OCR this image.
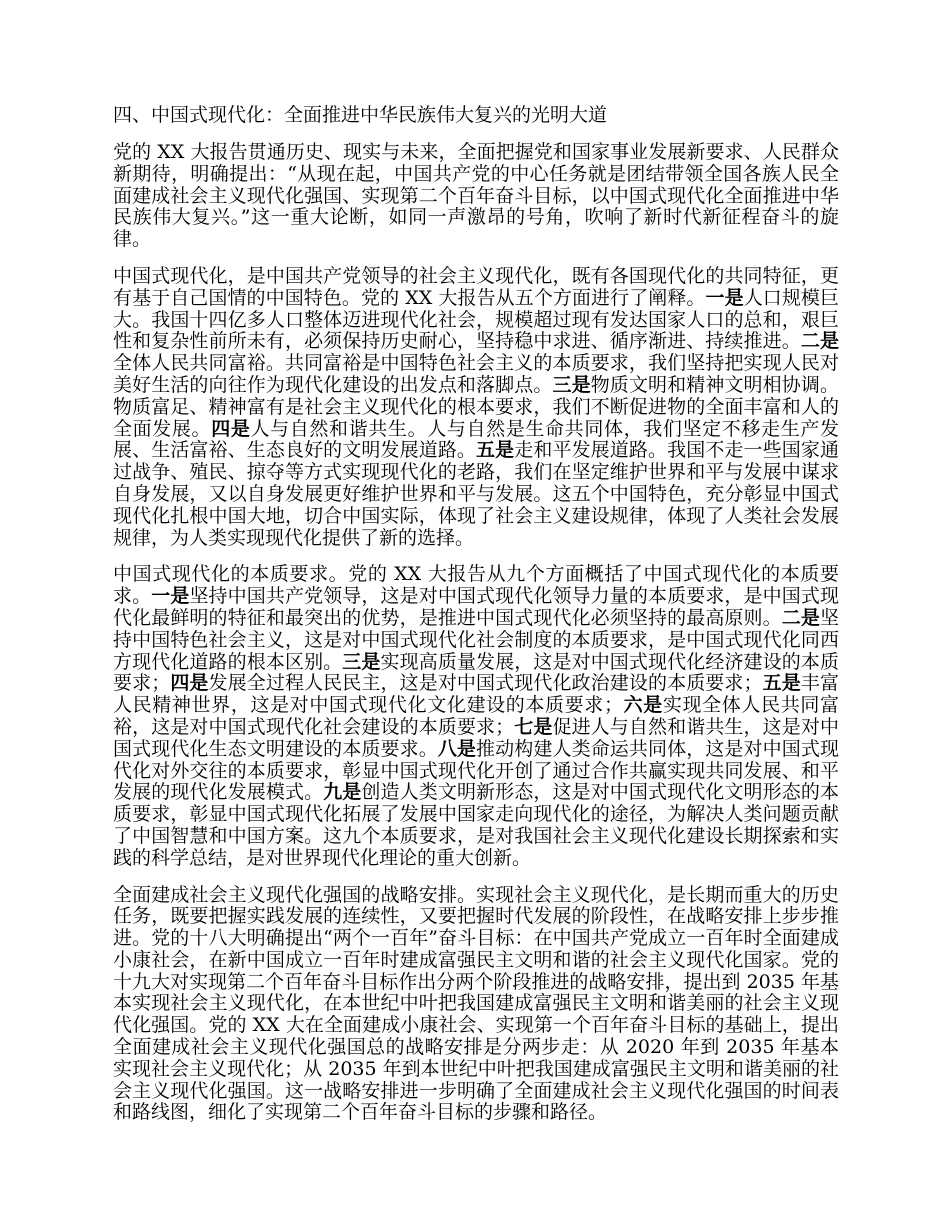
四、中国式现代化：全面推进中华民族伟大复兴的光明大道

党的 XX 大报告贯通历史、现实与未来，全面把握党和国家事业发展新要求、人民群众新期待，明确提出：“从现在起，中国共产党的中心任务就是团结带领全国各族人民全面建成社会主义现代化强国、实现第二个百年奋斗目标，以中国式现代化全面推进中华民族伟大复兴。”这一重大论断，如同一声激昂的号角，吹响了新时代新征程奋斗的旋律。

中国式现代化，是中国共产党领导的社会主义现代化，既有各国现代化的共同特征，更有基于自己国情的中国特色。党的 XX 大报告从五个方面进行了阐释。一是人口规模巨大。我国十四亿多人口整体迈进现代化社会，规模超过现有发达国家人口的总和，艰巨性和复杂性前所未有，必须保持历史耐心，坚持稳中求进、循序渐进、持续推进。二是全体人民共同富裕。共同富裕是中国特色社会主义的本质要求，我们坚持把实现人民对美好生活的向往作为现代化建设的出发点和落脚点。三是物质文明和精神文明相协调。物质富足、精神富有是社会主义现代化的根本要求，我们不断促进物的全面丰富和人的全面发展。四是人与自然和谐共生。人与自然是生命共同体，我们坚定不移走生产发展、生活富裕、生态良好的文明发展道路。五是走和平发展道路。我国不走一些国家通过战争、殖民、掠夺等方式实现现代化的老路，我们在坚定维护世界和平与发展中谋求自身发展，又以自身发展更好维护世界和平与发展。这五个中国特色，充分彰显中国式现代化扎根中国大地，切合中国实际，体现了社会主义建设规律，体现了人类社会发展规律，为人类实现现代化提供了新的选择。

中国式现代化的本质要求。党的 XX 大报告从九个方面概括了中国式现代化的本质要求。一是坚持中国共产党领导，这是对中国式现代化领导力量的本质要求，是中国式现代化最鲜明的特征和最突出的优势，是推进中国式现代化必须坚持的最高原则。二是坚持中国特色社会主义，这是对中国式现代化社会制度的本质要求，是中国式现代化同西方现代化道路的根本区别。三是实现高质量发展，这是对中国式现代化经济建设的本质要求；四是发展全过程人民民主，这是对中国式现代化政治建设的本质要求；五是丰富人民精神世界，这是对中国式现代化文化建设的本质要求；六是实现全体人民共同富裕，这是对中国式现代化社会建设的本质要求；七是促进人与自然和谐共生，这是对中国式现代化生态文明建设的本质要求。八是推动构建人类命运共同体，这是对中国式现代化对外交往的本质要求，彰显中国式现代化开创了通过合作共赢实现共同发展、和平发展的现代化发展模式。九是创造人类文明新形态，这是对中国式现代化文明形态的本质要求，彰显中国式现代化拓展了发展中国家走向现代化的途径，为解决人类问题贡献了中国智慧和中国方案。这九个本质要求，是对我国社会主义现代化建设长期探索和实践的科学总结，是对世界现代化理论的重大创新。

全面建成社会主义现代化强国的战略安排。实现社会主义现代化，是长期而重大的历史任务，既要把握实践发展的连续性，又要把握时代发展的阶段性，在战略安排上步步推进。党的十八大明确提出“两个一百年”奋斗目标：在中国共产党成立一百年时全面建成小康社会，在新中国成立一百年时建成富强民主文明和谐的社会主义现代化国家。党的十九大对实现第二个百年奋斗目标作出分两个阶段推进的战略安排，提出到 2035 年基本实现社会主义现代化，在本世纪中叶把我国建成富强民主文明和谐美丽的社会主义现代化强国。党的 XX 大在全面建成小康社会、实现第一个百年奋斗目标的基础上，提出全面建成社会主义现代化强国总的战略安排是分两步走：从 2020 年到 2035 年基本实现社会主义现代化；从 2035 年到本世纪中叶把我国建成富强民主文明和谐美丽的社会主义现代化强国。这一战略安排进一步明确了全面建成社会主义现代化强国的时间表和路线图，细化了实现第二个百年奋斗目标的步骤和路径。
